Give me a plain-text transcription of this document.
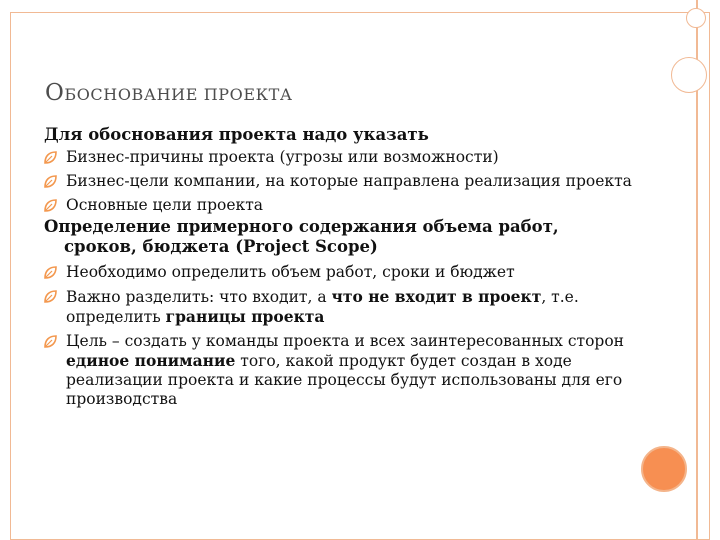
ОБОСНОВАНИЕ ПРОЕКТА

Для обоснования проекта надо указать

Бизнес-причины проекта (угрозы или возможности)

Бизнес-цели компании, на которые направлена реализация проекта

Основные цели проекта

Определение примерного содержания объема работ,
сроков, бюджета (Project Scope)

Необходимо определить объем работ, сроки и бюджет

Важно разделить: что входит, а что не входит в проект, т.е. определить границы проекта

Цель – создать у команды проекта и всех заинтересованных сторон единое понимание того, какой продукт будет создан в ходе реализации проекта и какие процессы будут использованы для его производства
